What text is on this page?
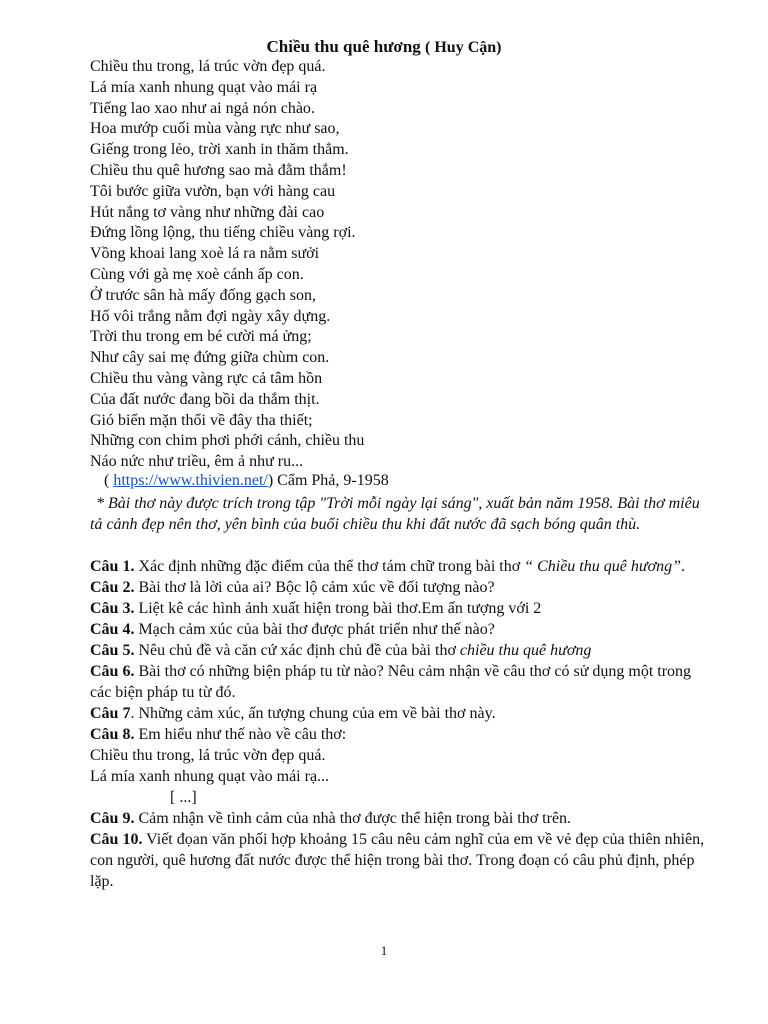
Chiều thu quê hương ( Huy Cận)
Chiều thu trong, lá trúc vờn đẹp quá.
Lá mía xanh nhung quạt vào mái rạ
Tiếng lao xao như ai ngả nón chào.
Hoa mướp cuối mùa vàng rực như sao,
Giếng trong lẻo, trời xanh in thăm thẳm.
Chiều thu quê hương sao mà đằm thắm!
Tôi bước giữa vườn, bạn với hàng cau
Hút nắng tơ vàng như những đài cao
Đứng lồng lộng, thu tiếng chiều vàng rợi.
Vồng khoai lang xoè lá ra nằm sưởi
Cùng với gà mẹ xoè cánh ấp con.
Ở trước sân hà mấy đống gạch son,
Hố vôi trắng nằm đợi ngày xây dựng.
Trời thu trong em bé cười má ửng;
Như cây sai mẹ đứng giữa chùm con.
Chiều thu vàng vàng rực cả tâm hồn
Của đất nước đang bồi da thắm thịt.
Gió biển mặn thổi về đây tha thiết;
Những con chim phơi phới cánh, chiều thu
Náo nức như triều, êm ả như ru...
( https://www.thivien.net/) Cẩm Phả, 9-1958
* Bài thơ này được trích trong tập "Trời mỗi ngày lại sáng", xuất bản năm 1958. Bài thơ miêu tả cảnh đẹp nên thơ, yên bình của buổi chiều thu khi đất nước đã sạch bóng quân thù.
Câu 1. Xác định những đặc điểm của thể thơ tám chữ trong bài thơ “ Chiều thu quê hương”.
Câu 2. Bài thơ là lời của ai? Bộc lộ cảm xúc về đối tượng nào?
Câu 3. Liệt kê các hình ảnh xuất hiện trong bài thơ.Em ấn tượng với 2
Câu 4. Mạch cảm xúc của bài thơ được phát triển như thế nào?
Câu 5. Nêu chủ đề và căn cứ xác định chủ đề của bài thơ chiều thu quê hương
Câu 6. Bài thơ có những biện pháp tu từ nào? Nêu cảm nhận về câu thơ có sử dụng một trong các biện pháp tu từ đó.
Câu 7. Những cảm xúc, ấn tượng chung của em về bài thơ này.
Câu 8. Em hiểu như thế nào về câu thơ:
Chiều thu trong, lá trúc vờn đẹp quá.
Lá mía xanh nhung quạt vào mái rạ...
[ ...]
Câu 9. Cảm nhận về tình cảm của nhà thơ được thể hiện trong bài thơ trên.
Câu 10. Viết đọan văn phối hợp khoảng 15 câu nêu cảm nghĩ của em về vẻ đẹp của thiên nhiên, con người, quê hương đất nước được thể hiện trong bài thơ. Trong đoạn có câu phủ định, phép lặp.
1
